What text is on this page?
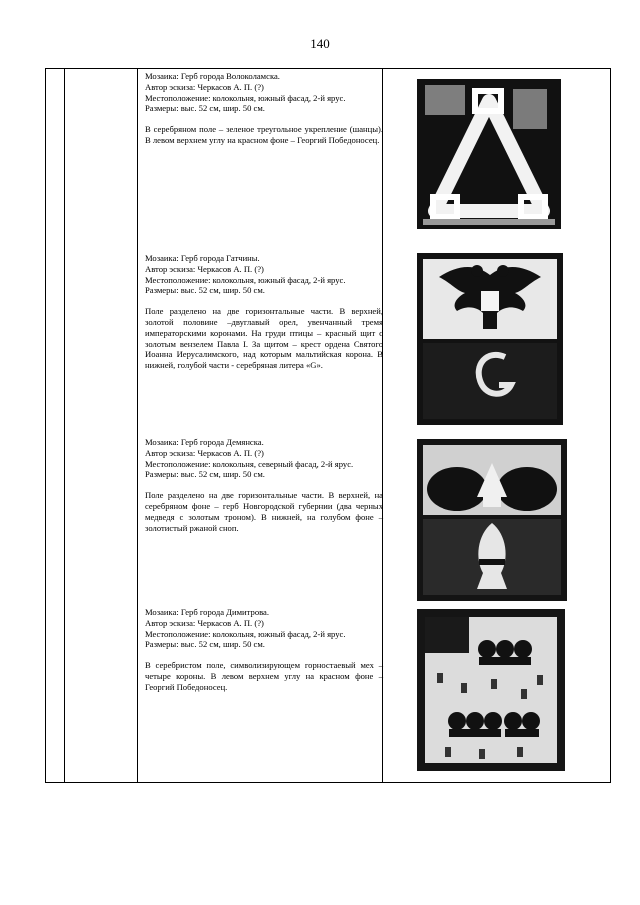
140

Мозаика: Герб города Волоколамска.

Автор эскиза: Черкасов А. П. (?)

Местоположение: колокольня, южный фасад, 2-й ярус.

Размеры: выс. 52 см, шир. 50 см.

В серебряном поле – зеленое треугольное укрепление (шанцы). В левом верхнем углу на красном фоне – Георгий Победоносец.

Мозаика: Герб города Гатчины.

Автор эскиза: Черкасов А. П. (?)

Местоположение: колокольня, южный фасад, 2-й ярус.

Размеры: выс. 52 см, шир. 50 см.

Поле разделено на две горизонтальные части. В верхней, золотой половине –двуглавый орел, увенчанный тремя императорскими коронами. На груди птицы – красный щит с золотым вензелем Павла I. За щитом – крест ордена Святого Иоанна Иерусалимского, над которым мальтийская корона. В нижней, голубой части - серебряная литера «G».

Мозаика: Герб города Демянска.

Автор эскиза: Черкасов А. П. (?)

Местоположение: колокольня, северный фасад, 2-й ярус.

Размеры: выс. 52 см, шир. 50 см.

Поле разделено на две горизонтальные части. В верхней, на серебряном фоне – герб Новгородской губернии (два черных медведя с золотым троном). В нижней, на голубом фоне – золотистый ржаной сноп.

Мозаика: Герб города Димитрова.

Автор эскиза: Черкасов А. П. (?)

Местоположение: колокольня, южный фасад, 2-й ярус.

Размеры: выс. 52 см, шир. 50 см.

В серебристом поле, символизирующем горностаевый мех – четыре короны. В левом верхнем углу на красном фоне – Георгий Победоносец.
